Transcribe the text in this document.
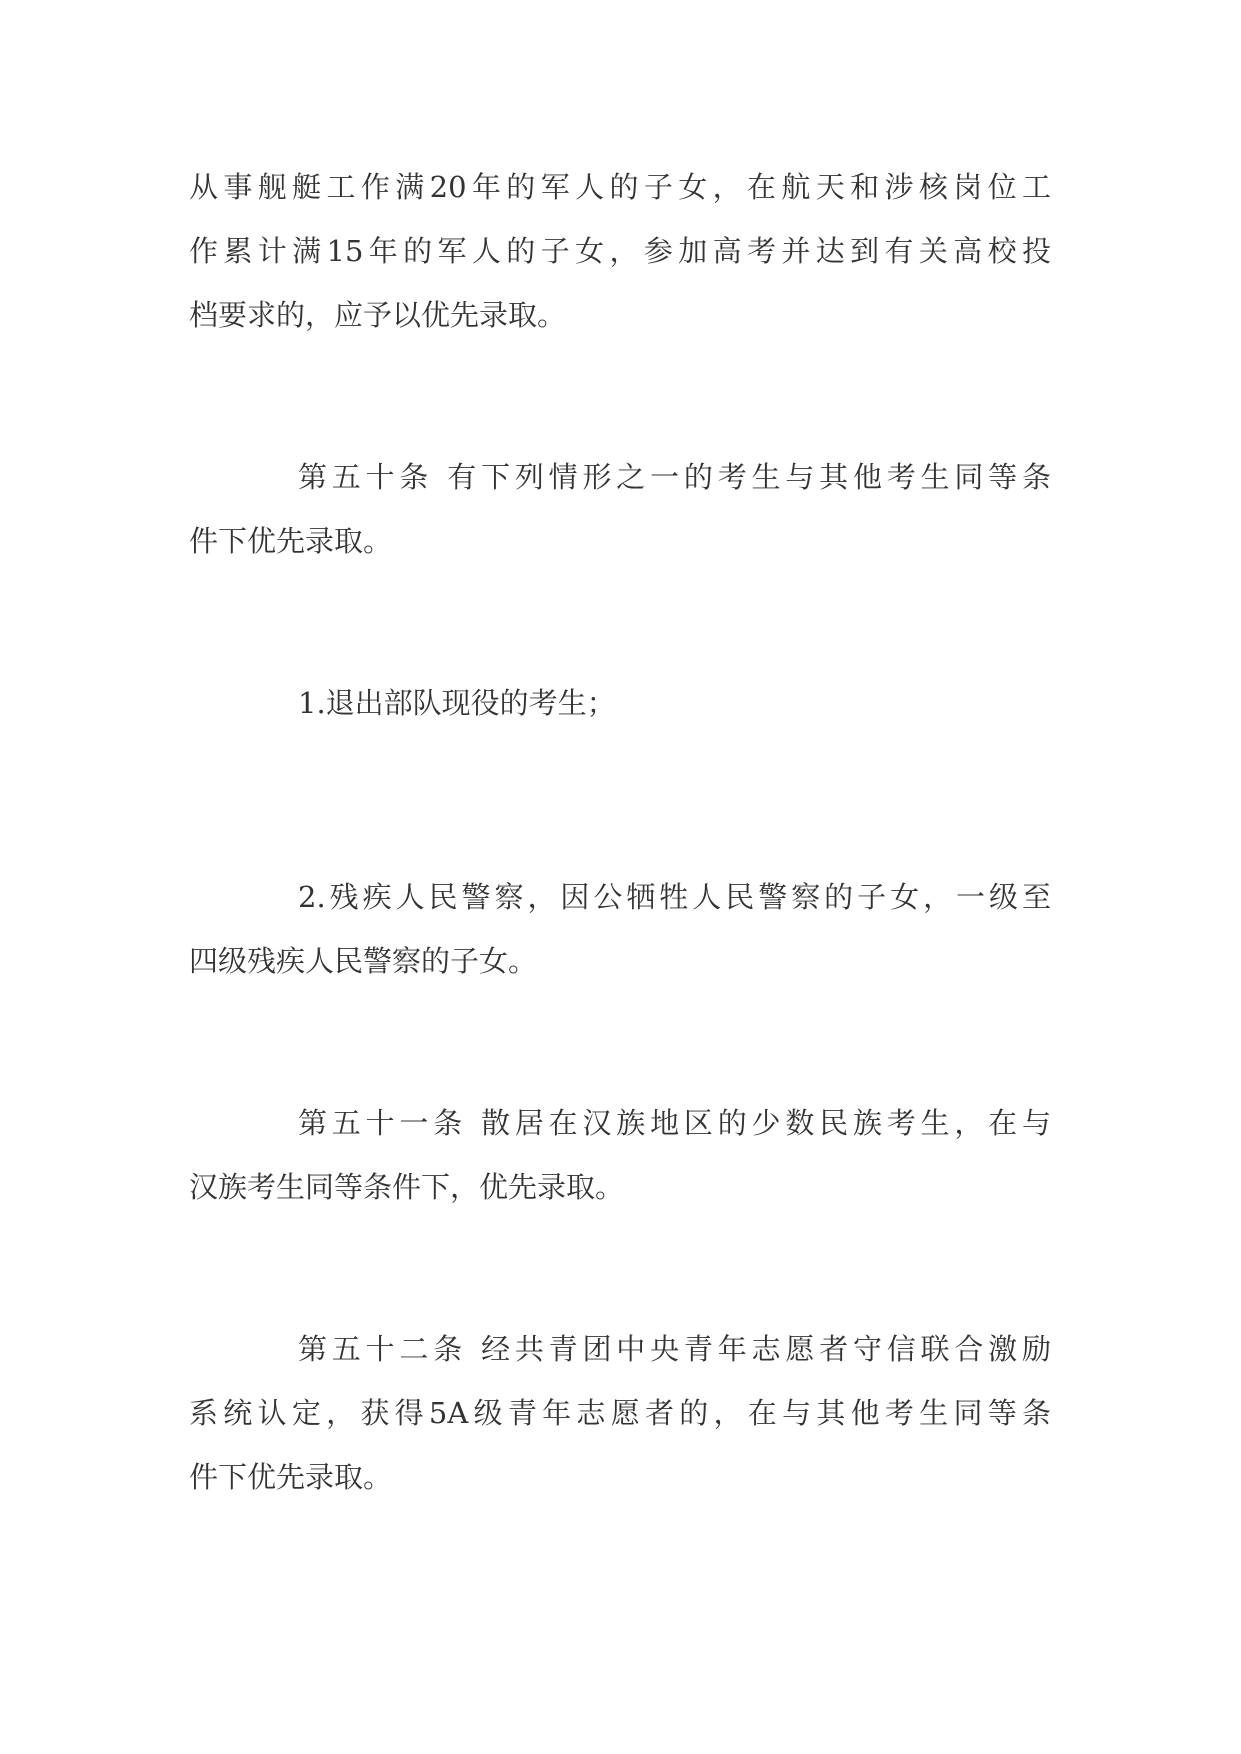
从事舰艇工作满20年的军人的子女，在航天和涉核岗位工

作累计满15年的军人的子女，参加高考并达到有关高校投

档要求的，应予以优先录取。

第五十条 有下列情形之一的考生与其他考生同等条

件下优先录取。

1.退出部队现役的考生；

2.残疾人民警察，因公牺牲人民警察的子女，一级至

四级残疾人民警察的子女。

第五十一条 散居在汉族地区的少数民族考生，在与

汉族考生同等条件下，优先录取。

第五十二条 经共青团中央青年志愿者守信联合激励

系统认定，获得5A级青年志愿者的，在与其他考生同等条

件下优先录取。
